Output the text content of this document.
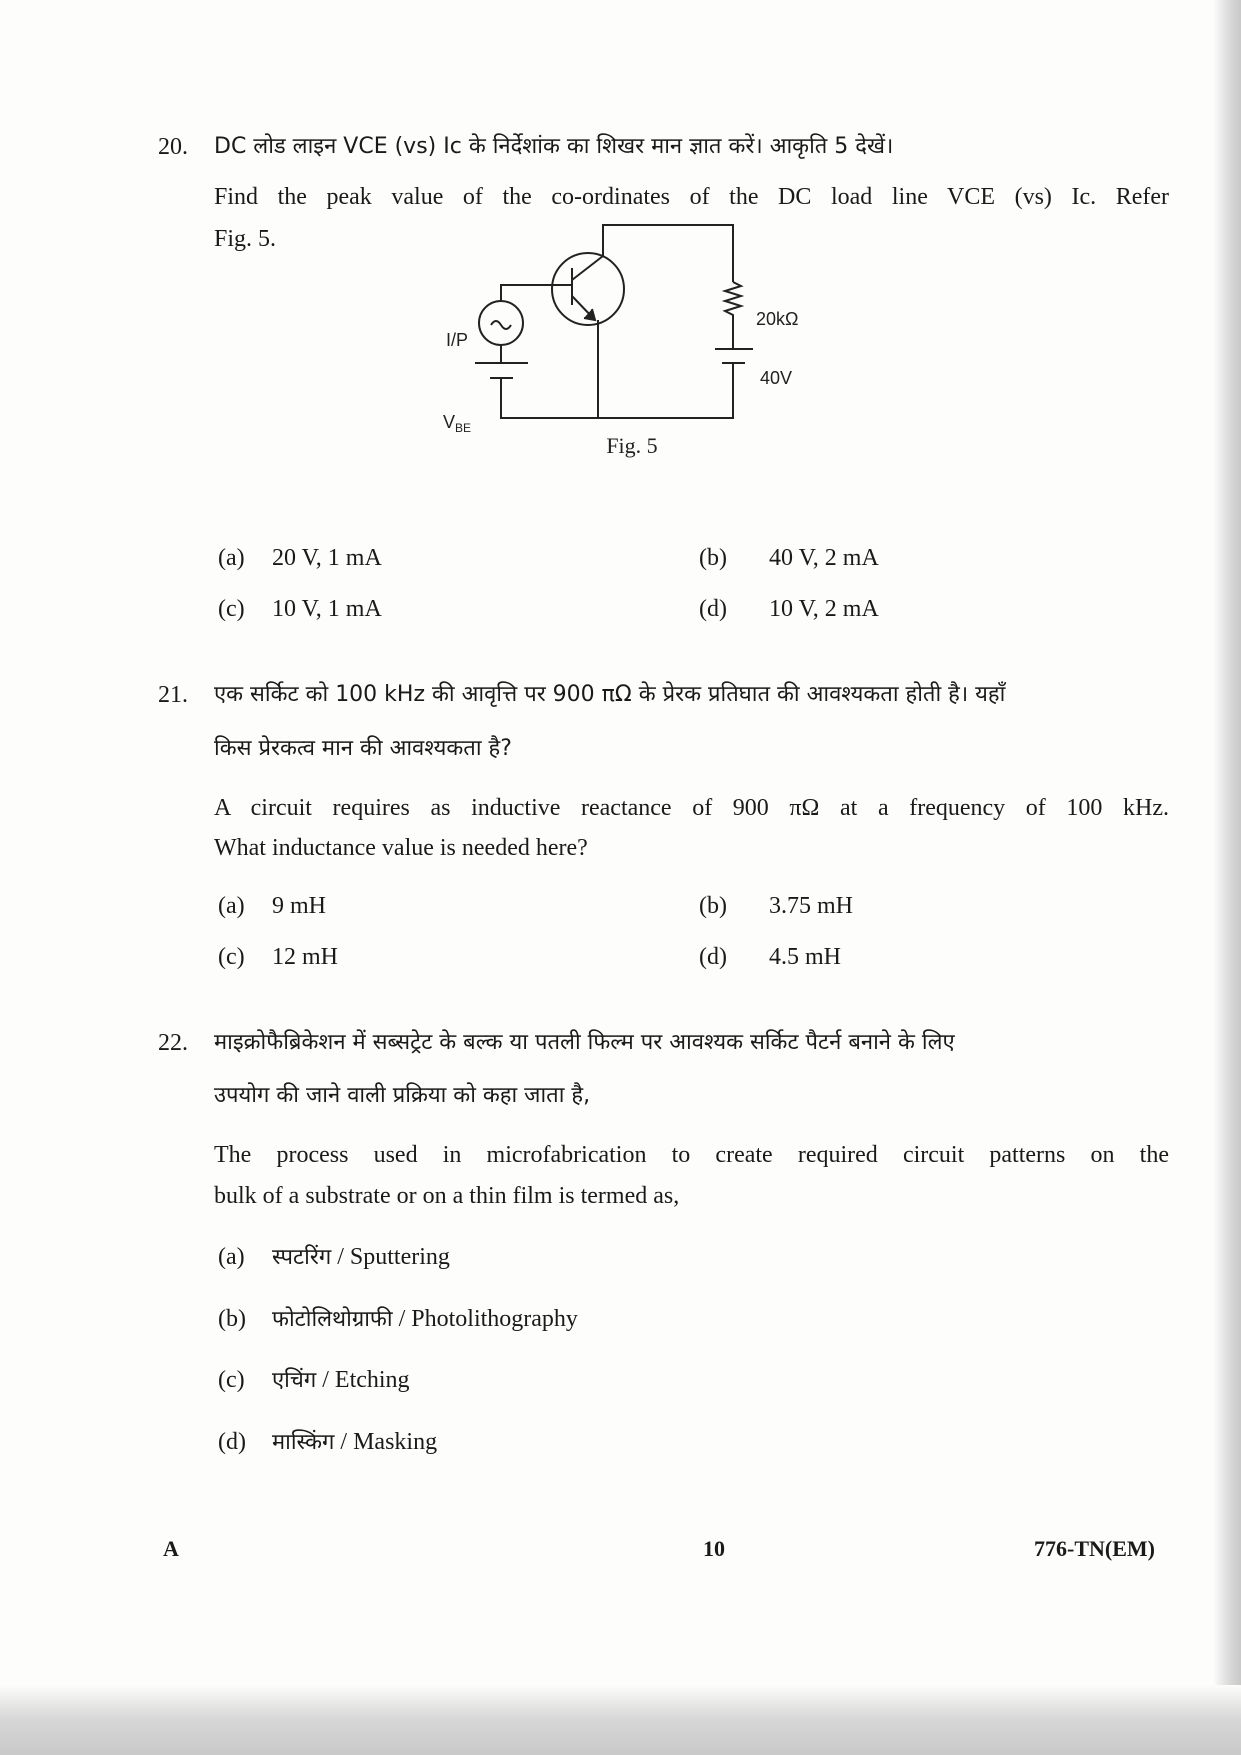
20. DC लोड लाइन VCE (vs) Ic के निर्देशांक का शिखर मान ज्ञात करें। आकृति 5 देखें।
Find the peak value of the co-ordinates of the DC load line VCE (vs) Ic. Refer
Fig. 5.
20kΩ
40V
I/P
$V_{BE}$
Fig. 5
(a) 20 V, 1 mA	(b) 40 V, 2 mA
(c) 10 V, 1 mA	(d) 10 V, 2 mA
21. एक सर्किट को 100 kHz की आवृत्ति पर 900 πΩ के प्रेरक प्रतिघात की आवश्यकता होती है। यहाँ
किस प्रेरकत्व मान की आवश्यकता है?
A circuit requires as inductive reactance of 900 πΩ at a frequency of 100 kHz.
What inductance value is needed here?
(a) 9 mH	(b) 3.75 mH
(c) 12 mH	(d) 4.5 mH
22. माइक्रोफैब्रिकेशन में सब्सट्रेट के बल्क या पतली फिल्म पर आवश्यक सर्किट पैटर्न बनाने के लिए
उपयोग की जाने वाली प्रक्रिया को कहा जाता है,
The process used in microfabrication to create required circuit patterns on the
bulk of a substrate or on a thin film is termed as,
(a) स्पटरिंग / Sputtering
(b) फोटोलिथोग्राफी / Photolithography
(c) एचिंग / Etching
(d) मास्किंग / Masking
A	10	776-TN(EM)
